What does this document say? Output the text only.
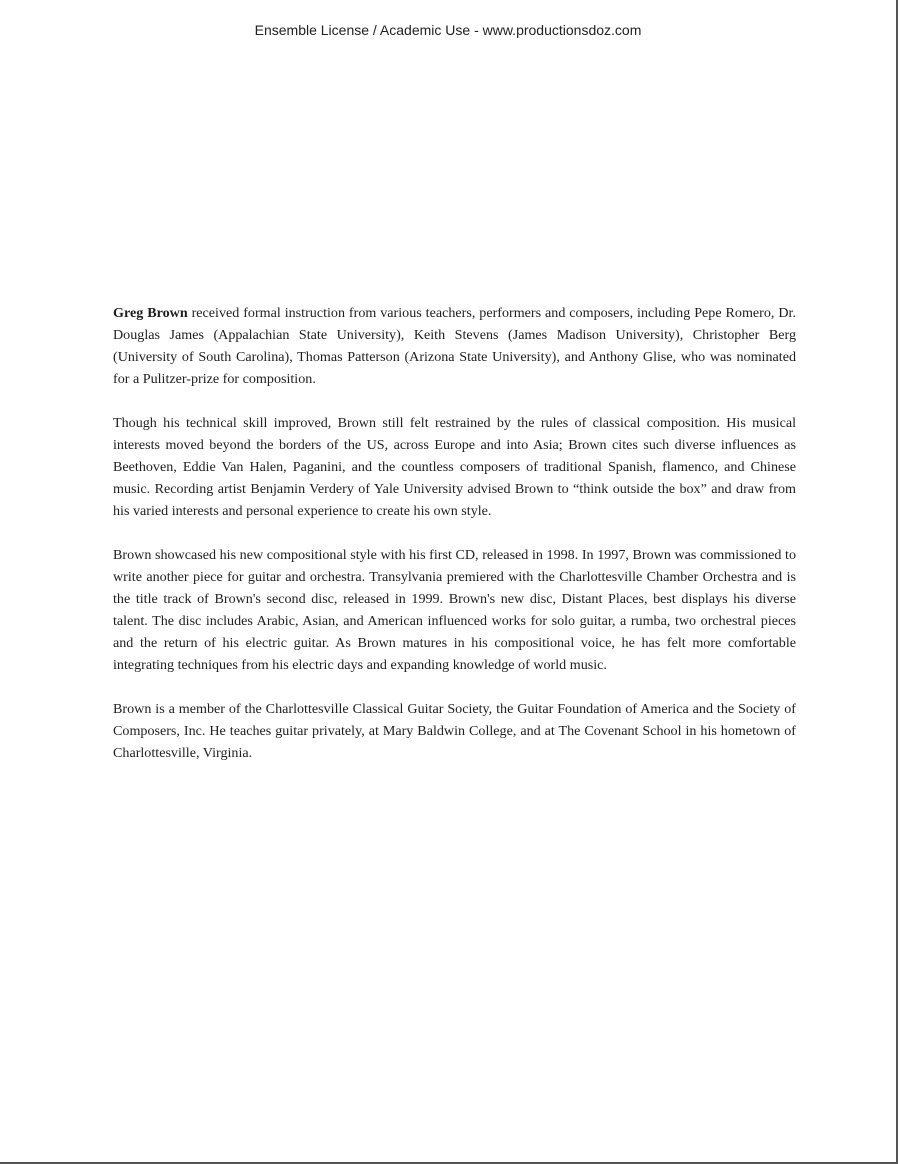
Ensemble License / Academic Use - www.productionsdoz.com

Greg Brown received formal instruction from various teachers, performers and composers, including Pepe Romero, Dr. Douglas James (Appalachian State University), Keith Stevens (James Madison University), Christopher Berg (University of South Carolina), Thomas Patterson (Arizona State University), and Anthony Glise, who was nominated for a Pulitzer-prize for composition.

Though his technical skill improved, Brown still felt restrained by the rules of classical composition. His musical interests moved beyond the borders of the US, across Europe and into Asia; Brown cites such diverse influences as Beethoven, Eddie Van Halen, Paganini, and the countless composers of traditional Spanish, flamenco, and Chinese music. Recording artist Benjamin Verdery of Yale University advised Brown to “think outside the box” and draw from his varied interests and personal experience to create his own style.

Brown showcased his new compositional style with his first CD, released in 1998. In 1997, Brown was commissioned to write another piece for guitar and orchestra. Transylvania premiered with the Charlottesville Chamber Orchestra and is the title track of Brown's second disc, released in 1999. Brown's new disc, Distant Places, best displays his diverse talent. The disc includes Arabic, Asian, and American influenced works for solo guitar, a rumba, two orchestral pieces and the return of his electric guitar. As Brown matures in his compositional voice, he has felt more comfortable integrating techniques from his electric days and expanding knowledge of world music.

Brown is a member of the Charlottesville Classical Guitar Society, the Guitar Foundation of America and the Society of Composers, Inc. He teaches guitar privately, at Mary Baldwin College, and at The Covenant School in his hometown of Charlottesville, Virginia.
